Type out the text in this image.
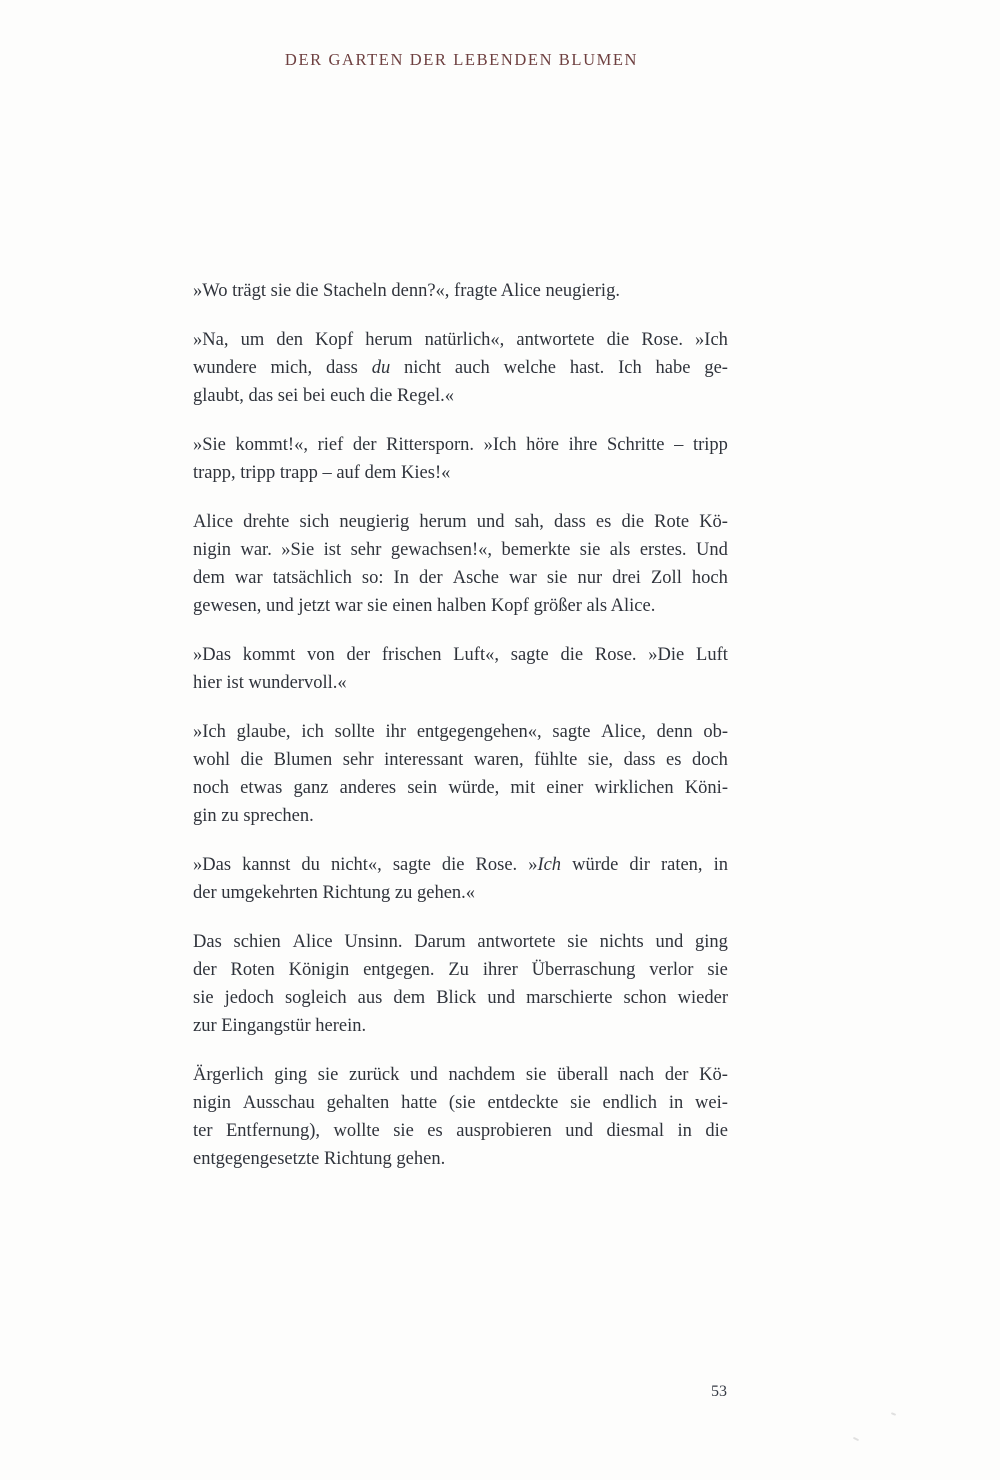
DER GARTEN DER LEBENDEN BLUMEN

»Wo trägt sie die Stacheln denn?«, fragte Alice neugierig.

»Na, um den Kopf herum natürlich«, antwortete die Rose. »Ich
wundere mich, dass du nicht auch welche hast. Ich habe ge-
glaubt, das sei bei euch die Regel.«

»Sie kommt!«, rief der Rittersporn. »Ich höre ihre Schritte – tripp
trapp, tripp trapp – auf dem Kies!«

Alice drehte sich neugierig herum und sah, dass es die Rote Kö-
nigin war. »Sie ist sehr gewachsen!«, bemerkte sie als erstes. Und
dem war tatsächlich so: In der Asche war sie nur drei Zoll hoch
gewesen, und jetzt war sie einen halben Kopf größer als Alice.

»Das kommt von der frischen Luft«, sagte die Rose. »Die Luft
hier ist wundervoll.«

»Ich glaube, ich sollte ihr entgegengehen«, sagte Alice, denn ob-
wohl die Blumen sehr interessant waren, fühlte sie, dass es doch
noch etwas ganz anderes sein würde, mit einer wirklichen Köni-
gin zu sprechen.

»Das kannst du nicht«, sagte die Rose. »Ich würde dir raten, in
der umgekehrten Richtung zu gehen.«

Das schien Alice Unsinn. Darum antwortete sie nichts und ging
der Roten Königin entgegen. Zu ihrer Überraschung verlor sie
sie jedoch sogleich aus dem Blick und marschierte schon wieder
zur Eingangstür herein.

Ärgerlich ging sie zurück und nachdem sie überall nach der Kö-
nigin Ausschau gehalten hatte (sie entdeckte sie endlich in wei-
ter Entfernung), wollte sie es ausprobieren und diesmal in die
entgegengesetzte Richtung gehen.

53
